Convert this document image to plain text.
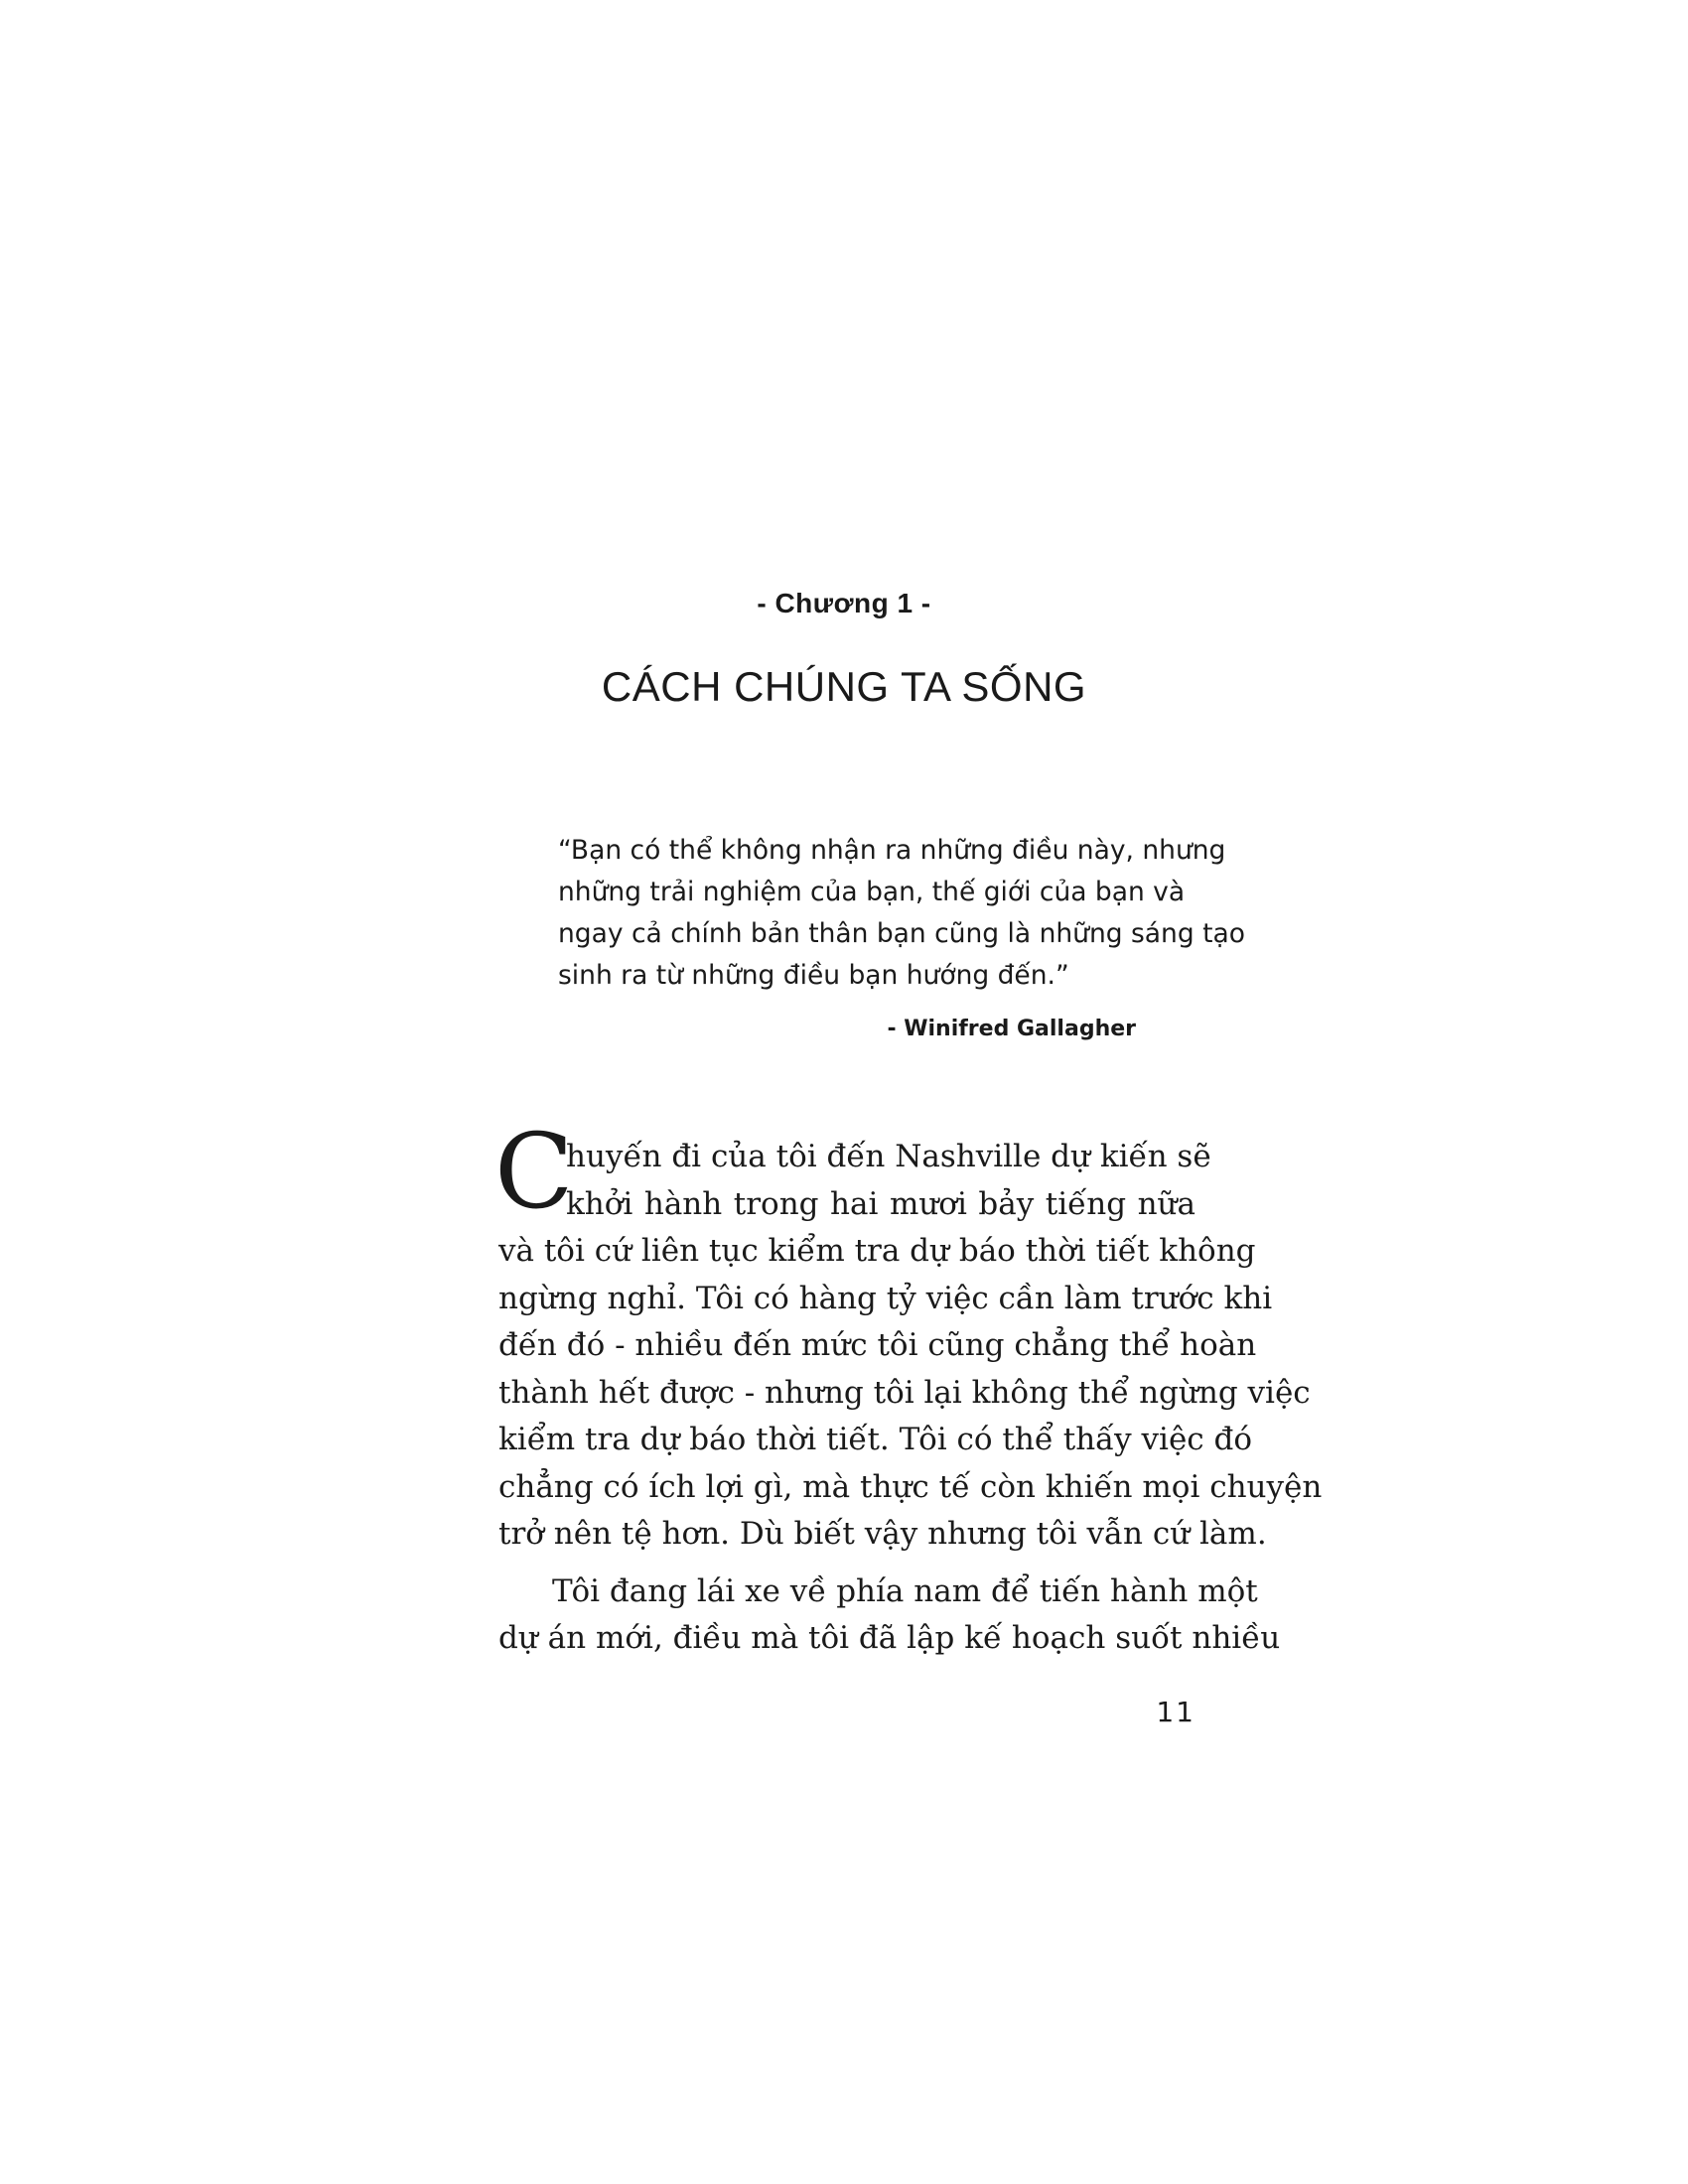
- Chương 1 -
CÁCH CHÚNG TA SỐNG
“Bạn có thể không nhận ra những điều này, nhưng
những trải nghiệm của bạn, thế giới của bạn và
ngay cả chính bản thân bạn cũng là những sáng tạo
sinh ra từ những điều bạn hướng đến.”
- Winifred Gallagher
C
huyến đi của tôi đến Nashville dự kiến sẽ
khởi hành trong hai mươi bảy tiếng nữa
và tôi cứ liên tục kiểm tra dự báo thời tiết không
ngừng nghỉ. Tôi có hàng tỷ việc cần làm trước khi
đến đó - nhiều đến mức tôi cũng chẳng thể hoàn
thành hết được - nhưng tôi lại không thể ngừng việc
kiểm tra dự báo thời tiết. Tôi có thể thấy việc đó
chẳng có ích lợi gì, mà thực tế còn khiến mọi chuyện
trở nên tệ hơn. Dù biết vậy nhưng tôi vẫn cứ làm.
Tôi đang lái xe về phía nam để tiến hành một
dự án mới, điều mà tôi đã lập kế hoạch suốt nhiều
11
